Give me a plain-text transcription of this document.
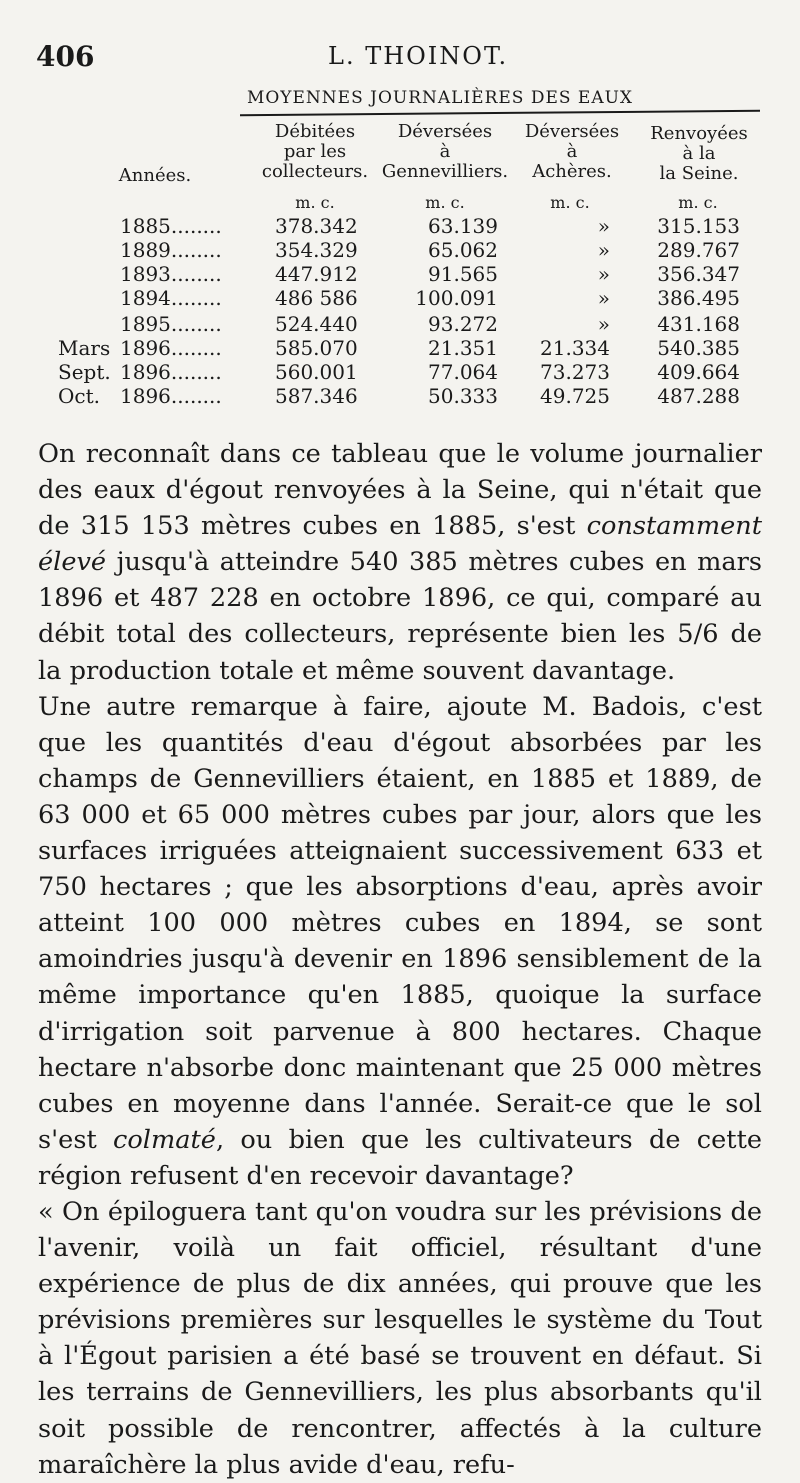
406	L. THOINOT.
MOYENNES JOURNALIÈRES DES EAUX
Années.
Débitées
par les
collecteurs.
Déversées
à
Gennevilliers.
Déversées
à
Achères.
Renvoyées
à la
la Seine.
m. c.	m. c.	m. c.	m. c.
1885........	378.342	63.139	»	315.153
1889........	354.329	65.062	»	289.767
1893........	447.912	91.565	»	356.347
1894........	486 586	100.091	»	386.495
1895........	524.440	93.272	»	431.168
Mars 1896........	585.070	21.351	21.334	540.385
Sept. 1896........	560.001	77.064	73.273	409.664
Oct. 1896........	587.346	50.333	49.725	487.288

On reconnaît dans ce tableau que le volume journalier des eaux d'égout renvoyées à la Seine, qui n'était que de 315 153 mètres cubes en 1885, s'est constamment élevé jusqu'à atteindre 540 385 mètres cubes en mars 1896 et 487 228 en octobre 1896, ce qui, comparé au débit total des collecteurs, représente bien les 5/6 de la production totale et même souvent davantage.

Une autre remarque à faire, ajoute M. Badois, c'est que les quantités d'eau d'égout absorbées par les champs de Gennevilliers étaient, en 1885 et 1889, de 63 000 et 65 000 mètres cubes par jour, alors que les surfaces irriguées atteignaient successivement 633 et 750 hectares ; que les absorptions d'eau, après avoir atteint 100 000 mètres cubes en 1894, se sont amoindries jusqu'à devenir en 1896 sensiblement de la même importance qu'en 1885, quoique la surface d'irrigation soit parvenue à 800 hectares. Chaque hectare n'absorbe donc maintenant que 25 000 mètres cubes en moyenne dans l'année. Serait-ce que le sol s'est colmaté, ou bien que les cultivateurs de cette région refusent d'en recevoir davantage?

« On épiloguera tant qu'on voudra sur les prévisions de l'avenir, voilà un fait officiel, résultant d'une expérience de plus de dix années, qui prouve que les prévisions premières sur lesquelles le système du Tout à l'Égout parisien a été basé se trouvent en défaut. Si les terrains de Gennevilliers, les plus absorbants qu'il soit possible de rencontrer, affectés à la culture maraîchère la plus avide d'eau, refu-
